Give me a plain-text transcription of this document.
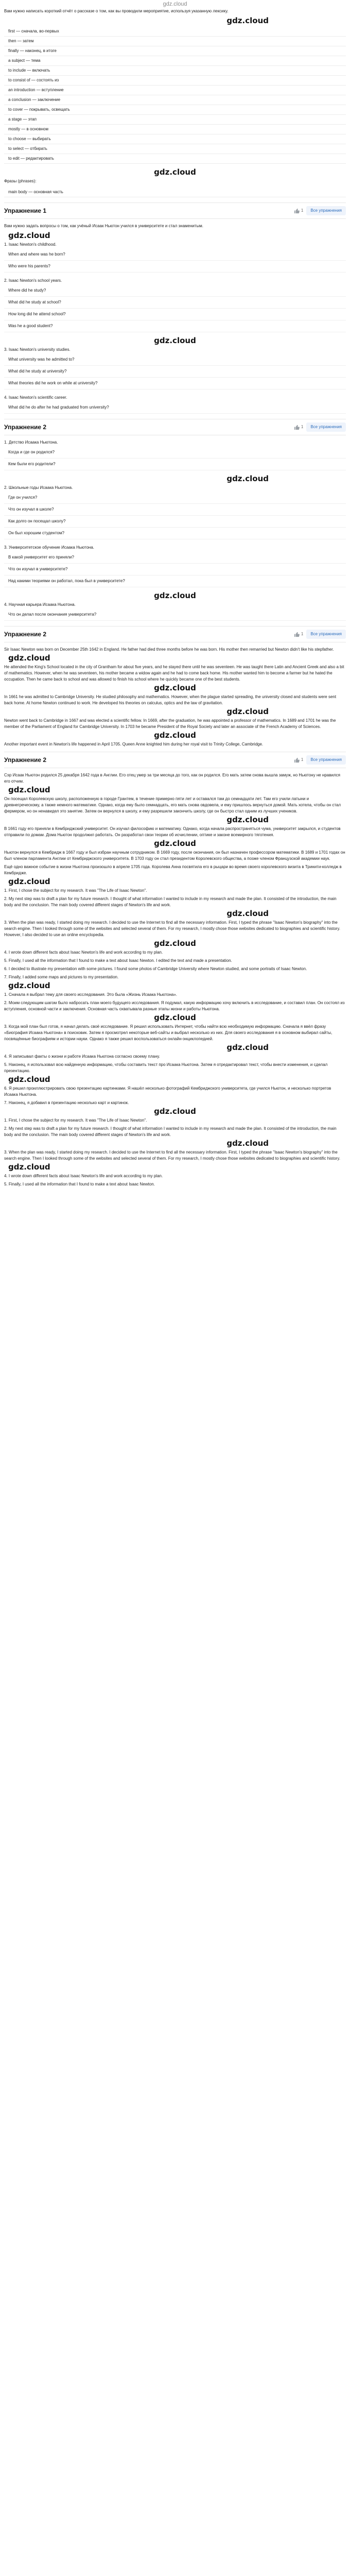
gdz.cloud

Вам нужно написать короткий отчёт о рассказе о том, как вы проводили мероприятие, используя указанную лексику.

gdz.cloud
first — сначала, во-первых
then — затем
finally — наконец, в итоге
a subject — тема
to include — включать
to consist of — состоять из
an introduction — вступление
a conclusion — заключение
to cover — покрывать, освещать
a stage — этап
mostly — в основном
to choose — выбирать
to select — отбирать
to edit — редактировать
gdz.cloud

Фразы (phrases):

main body — основная часть
Упражнение 1	1	Все упражнения

Вам нужно задать вопросы о том, как учёный Исаак Ньютон учился в университете и стал знаменитым.

gdz.cloud
1. Isaac Newton's childhood.
When and where was he born?
Who were his parents?
2. Isaac Newton's school years.
Where did he study?
What did he study at school?
How long did he attend school?
Was he a good student?
gdz.cloud
3. Isaac Newton's university studies.
What university was he admitted to?
What did he study at university?
What theories did he work on while at university?
4. Isaac Newton's scientific career.
What did he do after he had graduated from university?
Упражнение 2	1	Все упражнения
1. Детство Исаака Ньютона.
Когда и где он родился?
Кем были его родители?
gdz.cloud
2. Школьные годы Исаака Ньютона.
Где он учился?
Что он изучал в школе?
Как долго он посещал школу?
Он был хорошим студентом?
3. Университетское обучение Исаака Ньютона.
В какой университет его приняли?
Что он изучал в университете?
Над какими теориями он работал, пока был в университете?
gdz.cloud
4. Научная карьера Исаака Ньютона.
Что он делал после окончания университета?
Упражнение 2	1	Все упражнения

Sir Isaac Newton was born on December 25th 1642 in England. He father had died three months before he was born. His mother then remarried but Newton didn't like his stepfather.

gdz.cloud

He attended the King's School located in the city of Grantham for about five years, and he stayed there until he was seventeen. He was taught there Latin and Ancient Greek and also a bit of mathematics. However, when he was seventeen, his mother became a widow again and he had to come back home. His mother wanted him to become a farmer but he hated the occupation. Then he came back to school and was allowed to finish his school where he quickly became one of the best students.

gdz.cloud

In 1661 he was admitted to Cambridge University. He studied philosophy and mathematics. However, when the plague started spreading, the university closed and students were sent back home. At home Newton continued to work. He developed his theories on calculus, optics and the law of gravitation.

gdz.cloud

Newton went back to Cambridge in 1667 and was elected a scientific fellow. In 1669, after the graduation, he was appointed a professor of mathematics. In 1689 and 1701 he was the member of the Parliament of England for Cambridge University. In 1703 he became President of the Royal Society and later an associate of the French Academy of Sciences.

gdz.cloud

Another important event in Newton's life happened in April 1705. Queen Anne knighted him during her royal visit to Trinity College, Cambridge.

Упражнение 2	1	Все упражнения

Сэр Исаак Ньютон родился 25 декабря 1642 года в Англии. Его отец умер за три месяца до того, как он родился. Его мать затем снова вышла замуж, но Ньютону не нравился его отчим.

gdz.cloud

Он посещал Королевскую школу, расположенную в городе Грантем, в течение примерно пяти лет и оставался там до семнадцати лет. Там его учили латыни и древнегреческому, а также немного математике. Однако, когда ему было семнадцать, его мать снова овдовела, и ему пришлось вернуться домой. Мать хотела, чтобы он стал фермером, но он ненавидел это занятие. Затем он вернулся в школу, и ему разрешили закончить школу, где он быстро стал одним из лучших учеников.

gdz.cloud

В 1661 году его приняли в Кембриджский университет. Он изучал философию и математику. Однако, когда начала распространяться чума, университет закрылся, и студентов отправили по домам. Дома Ньютон продолжил работать. Он разработал свои теории об исчислении, оптике и законе всемирного тяготения.

gdz.cloud

Ньютон вернулся в Кембридж в 1667 году и был избран научным сотрудником. В 1669 году, после окончания, он был назначен профессором математики. В 1689 и 1701 годах он был членом парламента Англии от Кембриджского университета. В 1703 году он стал президентом Королевского общества, а позже членом Французской академии наук.

Ещё одно важное событие в жизни Ньютона произошло в апреле 1705 года. Королева Анна посвятила его в рыцари во время своего королевского визита в Тринити-колледж в Кембридже.

gdz.cloud

1. First, I chose the subject for my research. It was "The Life of Isaac Newton".

2. My next step was to draft a plan for my future research. I thought of what information I wanted to include in my research and made the plan. It consisted of the introduction, the main body and the conclusion. The main body covered different stages of Newton's life and work.

gdz.cloud

3. When the plan was ready, I started doing my research. I decided to use the Internet to find all the necessary information. First, I typed the phrase "Isaac Newton's biography" into the search engine. Then I looked through some of the websites and selected several of them. For my research, I mostly chose those websites dedicated to biographies and scientific history. However, I also decided to use an online encyclopedia.

gdz.cloud

4. I wrote down different facts about Isaac Newton's life and work according to my plan.

5. Finally, I used all the information that I found to make a text about Isaac Newton. I edited the text and made a presentation.

6. I decided to illustrate my presentation with some pictures. I found some photos of Cambridge University where Newton studied, and some portraits of Isaac Newton.

7. Finally, I added some maps and pictures to my presentation.

gdz.cloud

1. Сначала я выбрал тему для своего исследования. Это была «Жизнь Исаака Ньютона».

2. Моим следующим шагом было набросать план моего будущего исследования. Я подумал, какую информацию хочу включить в исследование, и составил план. Он состоял из вступления, основной части и заключения. Основная часть охватывала разные этапы жизни и работы Ньютона.

gdz.cloud

3. Когда мой план был готов, я начал делать своё исследование. Я решил использовать Интернет, чтобы найти всю необходимую информацию. Сначала я ввёл фразу «Биография Исаака Ньютона» в поисковик. Затем я просмотрел некоторые веб-сайты и выбрал несколько из них. Для своего исследования я в основном выбирал сайты, посвящённые биографиям и истории науки. Однако я также решил воспользоваться онлайн-энциклопедией.

gdz.cloud

4. Я записывал факты о жизни и работе Исаака Ньютона согласно своему плану.

5. Наконец, я использовал всю найденную информацию, чтобы составить текст про Исаака Ньютона. Затем я отредактировал текст, чтобы внести изменения, и сделал презентацию.

gdz.cloud

6. Я решил проиллюстрировать свою презентацию картинками. Я нашёл несколько фотографий Кембриджского университета, где учился Ньютон, и несколько портретов Исаака Ньютона.

7. Наконец, я добавил в презентацию несколько карт и картинок.

gdz.cloud

1. First, I chose the subject for my research. It was "The Life of Isaac Newton".

2. My next step was to draft a plan for my future research. I thought of what information I wanted to include in my research and made the plan. It consisted of the introduction, the main body and the conclusion. The main body covered different stages of Newton's life and work.

gdz.cloud

3. When the plan was ready, I started doing my research. I decided to use the Internet to find all the necessary information. First, I typed the phrase "Isaac Newton's biography" into the search engine. Then I looked through some of the websites and selected several of them. For my research, I mostly chose those websites dedicated to biographies and scientific history.

gdz.cloud

4. I wrote down different facts about Isaac Newton's life and work according to my plan.

5. Finally, I used all the information that I found to make a text about Isaac Newton.
